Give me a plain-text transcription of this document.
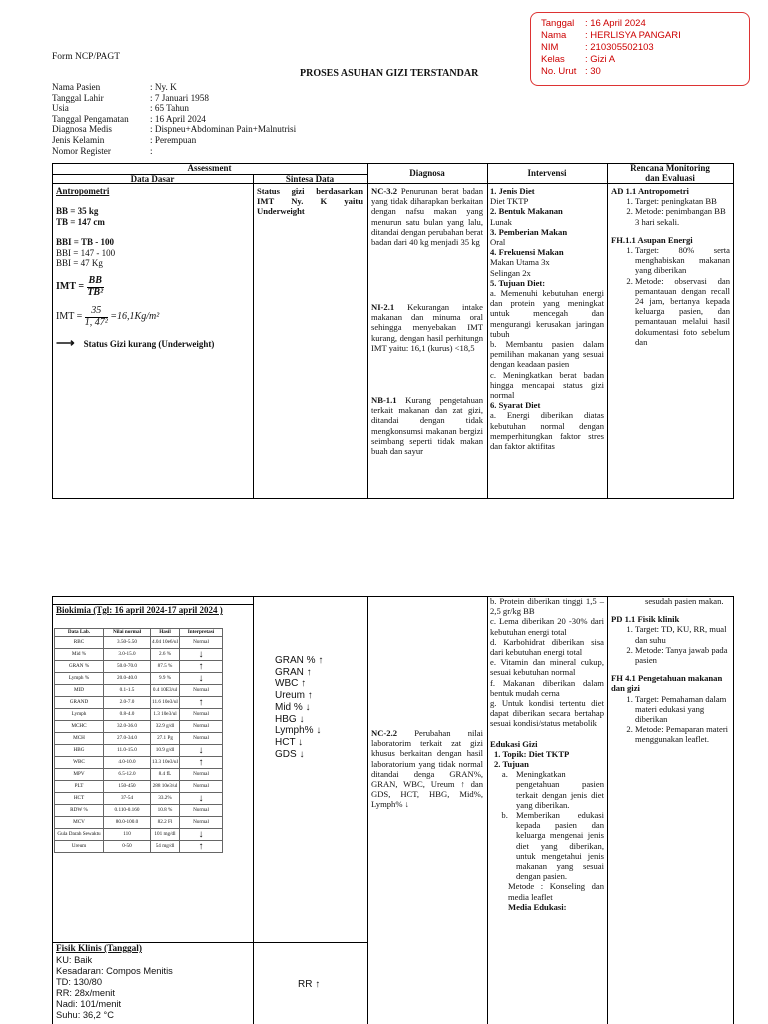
Tanggal : 16 April 2024
Nama : HERLISYA PANGARI
NIM	: 210305502103
Kelas : Gizi A
No. Urut : 30
Form NCP/PAGT
PROSES ASUHAN GIZI TERSTANDAR
Nama Pasien	: Ny. K
Tanggal Lahir	: 7 Januari 1958
Usia	: 65 Tahun
Tanggal Pengamatan : 16 April 2024
Diagnosa Medis	: Dispneu+Abdominan Pain+Malnutrisi
Jenis Kelamin	: Perempuan
Nomor Register	:
Assessment
Data Dasar	Sintesa Data
Diagnosa	Intervensi	Rencana Monitoring
dan Evaluasi
Antropometri
BB = 35 kg
TB = 147 cm
BBI = TB - 100
BBI = 147 - 100
BBI = 47 Kg
IMT = $\frac{BB}{\text{TB²}}$
IMT = $\frac{35}{\text{1, 47²}} =16,1Kg/m^2$
⟶ Status Gizi kurang (Underweight)
Status gizi berdasarkan IMT Ny. K yaitu Underweight
NC-3.2 Penurunan berat badan yang tidak diharapkan berkaitan dengan nafsu makan yang menurun satu bulan yang lalu, ditandai dengan perubahan berat badan dari 40 kg menjadi 35 kg
NI-2.1 Kekurangan intake makanan dan minuma oral sehingga menyebakan IMT kurang, dengan hasil perhitungn IMT yaitu: 16,1 (kurus) <18,5
NB-1.1 Kurang pengetahuan terkait makanan dan zat gizi, ditandai dengan tidak mengkonsumsi makanan bergizi seimbang seperti tidak makan buah dan sayur
1. Jenis Diet
Diet TKTP
2. Bentuk Makanan
Lunak
3. Pemberian Makan
Oral
4. Frekuensi Makan
Makan Utama 3x
Selingan 2x
5. Tujuan Diet:
a. Memenuhi kebutuhan energi dan protein yang meningkat untuk mencegah dan mengurangi kerusakan jaringan tubuh
b. Membantu pasien dalam pemilihan makanan yang sesuai dengan keadaan pasien
c. Meningkatkan berat badan hingga mencapai status gizi normal
6. Syarat Diet
a. Energi diberikan diatas kebutuhan normal dengan memperhitungkan faktor stres dan faktor aktifitas
AD 1.1 Antropometri
1. Target: peningkatan BB
2. Metode: penimbangan BB 3 hari sekali.
FH.1.1 Asupan Energi
1. Target: 80% serta menghabiskan makanan yang diberikan
2. Metode: observasi dan pemantauan dengan recall 24 jam, bertanya kepada keluarga pasien, dan pemantauan melalui hasil dokumentasi foto sebelum dan
Biokimia (Tgl: 16 april 2024-17 april 2024 )
Data Lab.	Nilai normal	Hasil	Interpretasi
RBC	3.50-5.50	4.04 10e6/ul	Normal
Mid %	3.0-15.0	2.6 %	↓
GRAN %	50.0-70.0	87.5 %	↑
Lymph %	20.0-40.0	9.9 %	↓
MID	0.1-1.5	0.4 10E3/ul	Normal
GRAND	2.0-7.0	11.6 10e3/ul	↑
Lymph	0.8-4.0	1.3 10e3/ul	Normal
MCHC	32.0-36.0	32.9 g/dl	Normal
MCH	27.0-34.0	27.1 Pg	Normal
HBG	11.0-15.0	10.9 g/dl	↓
WBC	4.0-10.0	13.3 10e3/ul	↑
MPV	6.5-12.0	8.4 fL	Normal
PLT	150-450	288 10e3/ul	Normal
HCT	37-54	33.2%	↓
RDW %	0.110-0.160	10.8 %	Normal
MCV	80.0-100.0	82.2 Fl	Normal
Gula Darah Sewaktu	110	101 mg/dl	↓
Ureum	0-50	54 mg/dl	↑
GRAN % ↑
GRAN ↑
WBC ↑
Ureum ↑
Mid % ↓
HBG ↓
Lymph% ↓
HCT ↓
GDS ↓
Fisik Klinis (Tanggal)
KU: Baik
Kesadaran: Compos Menitis
TD: 130/80
RR: 28x/menit
Nadi: 101/menit
Suhu: 36,2 °C
RR ↑
NC-2.2 Perubahan nilai laboratorim terkait zat gizi khusus berkaitan dengan hasil laboratorium yang tidak normal ditandai denga GRAN%, GRAN, WBC, Ureum ↑ dan GDS, HCT, HBG, Mid%, Lymph% ↓
b. Protein diberikan tinggi 1,5 – 2,5 gr/kg BB
c. Lema diberikan 20 -30% dari kebutuhan energi total
d. Karbohidrat diberikan sisa dari kebutuhan energi total
e. Vitamin dan mineral cukup, sesuai kebutuhan normal
f. Makanan diberikan dalam bentuk mudah cerna
g. Untuk kondisi tertentu diet dapat diberikan secara bertahap sesuai kondisi/status metabolik
Edukasi Gizi
1. Topik: Diet TKTP
2. Tujuan
a. Meningkatkan pengetahuan pasien terkait dengan jenis diet yang diberikan.
b. Memberikan edukasi kepada pasien dan keluarga mengenai jenis diet yang diberikan, untuk mengetahui jenis makanan yang sesuai dengan pasien.
Metode : Konseling dan media leaflet
Media Edukasi:
sesudah pasien makan.
PD 1.1 Fisik klinik
1. Target: TD, KU, RR, mual dan suhu
2. Metode: Tanya jawab pada pasien
FH 4.1 Pengetahuan makanan dan gizi
1. Target: Pemahaman dalam materi edukasi yang diberikan
2. Metode: Pemaparan materi menggunakan leaflet.
